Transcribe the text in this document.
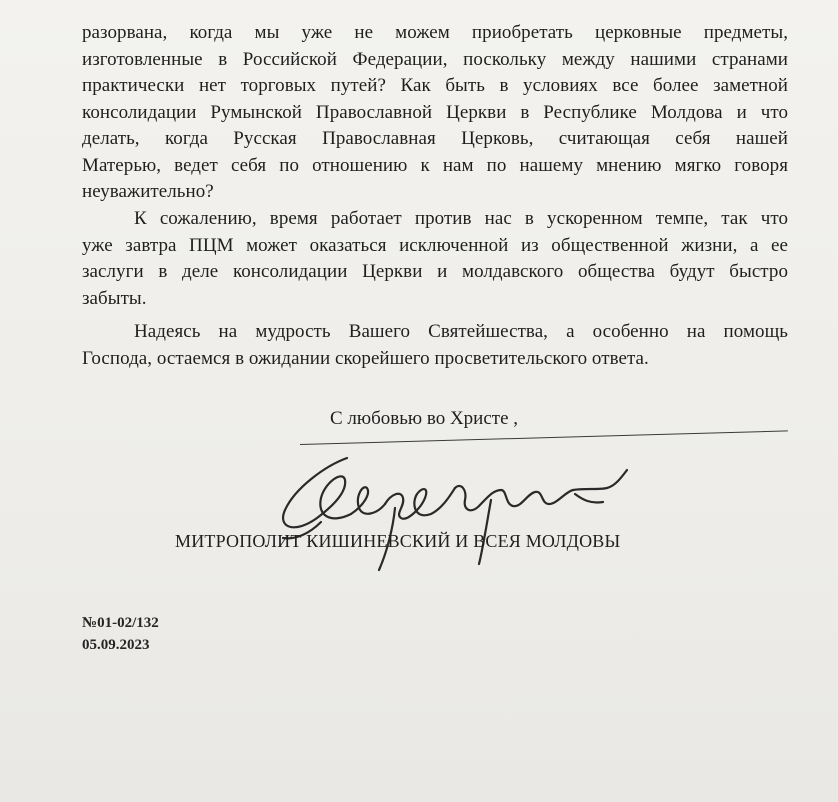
разорвана, когда мы уже не можем приобретать церковные предметы,
изготовленные в Российской Федерации, поскольку между нашими странами
практически нет торговых путей? Как быть в условиях все более заметной
консолидации Румынской Православной Церкви в Республике Молдова и что
делать, когда Русская Православная Церковь, считающая себя нашей
Матерью, ведет себя по отношению к нам по нашему мнению мягко говоря
неуважительно?
К сожалению, время работает против нас в ускоренном темпе, так что
уже завтра ПЦМ может оказаться исключенной из общественной жизни, а ее
заслуги в деле консолидации Церкви и молдавского общества будут быстро
забыты.
Надеясь на мудрость Вашего Святейшества, а особенно на помощь
Господа, остаемся в ожидании скорейшего просветительского ответа.
С любовью во Христе ,
МИТРОПОЛИТ КИШИНЕВСКИЙ И ВСЕЯ МОЛДОВЫ
№01-02/132
05.09.2023
